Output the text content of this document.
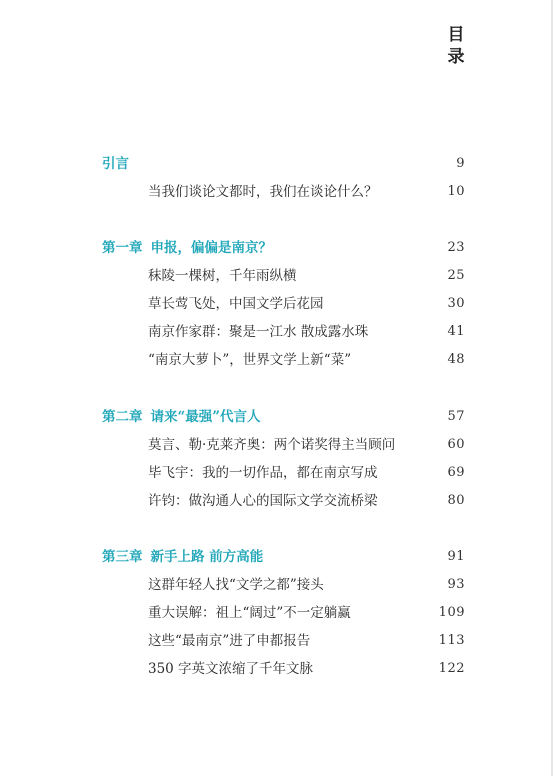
目
录
引言	9
当我们谈论文都时，我们在谈论什么？	10
第一章 申报，偏偏是南京？	23
秣陵一棵树，千年雨纵横	25
草长莺飞处，中国文学后花园	30
南京作家群：聚是一江水 散成露水珠	41
“南京大萝卜”，世界文学上新“菜”	48
第二章 请来“最强”代言人	57
莫言、勒·克莱齐奥：两个诺奖得主当顾问	60
毕飞宇：我的一切作品，都在南京写成	69
许钧：做沟通人心的国际文学交流桥梁	80
第三章 新手上路 前方高能	91
这群年轻人找“文学之都”接头	93
重大误解：祖上“阔过”不一定躺赢	109
这些“最南京”进了申都报告	113
350 字英文浓缩了千年文脉	122
